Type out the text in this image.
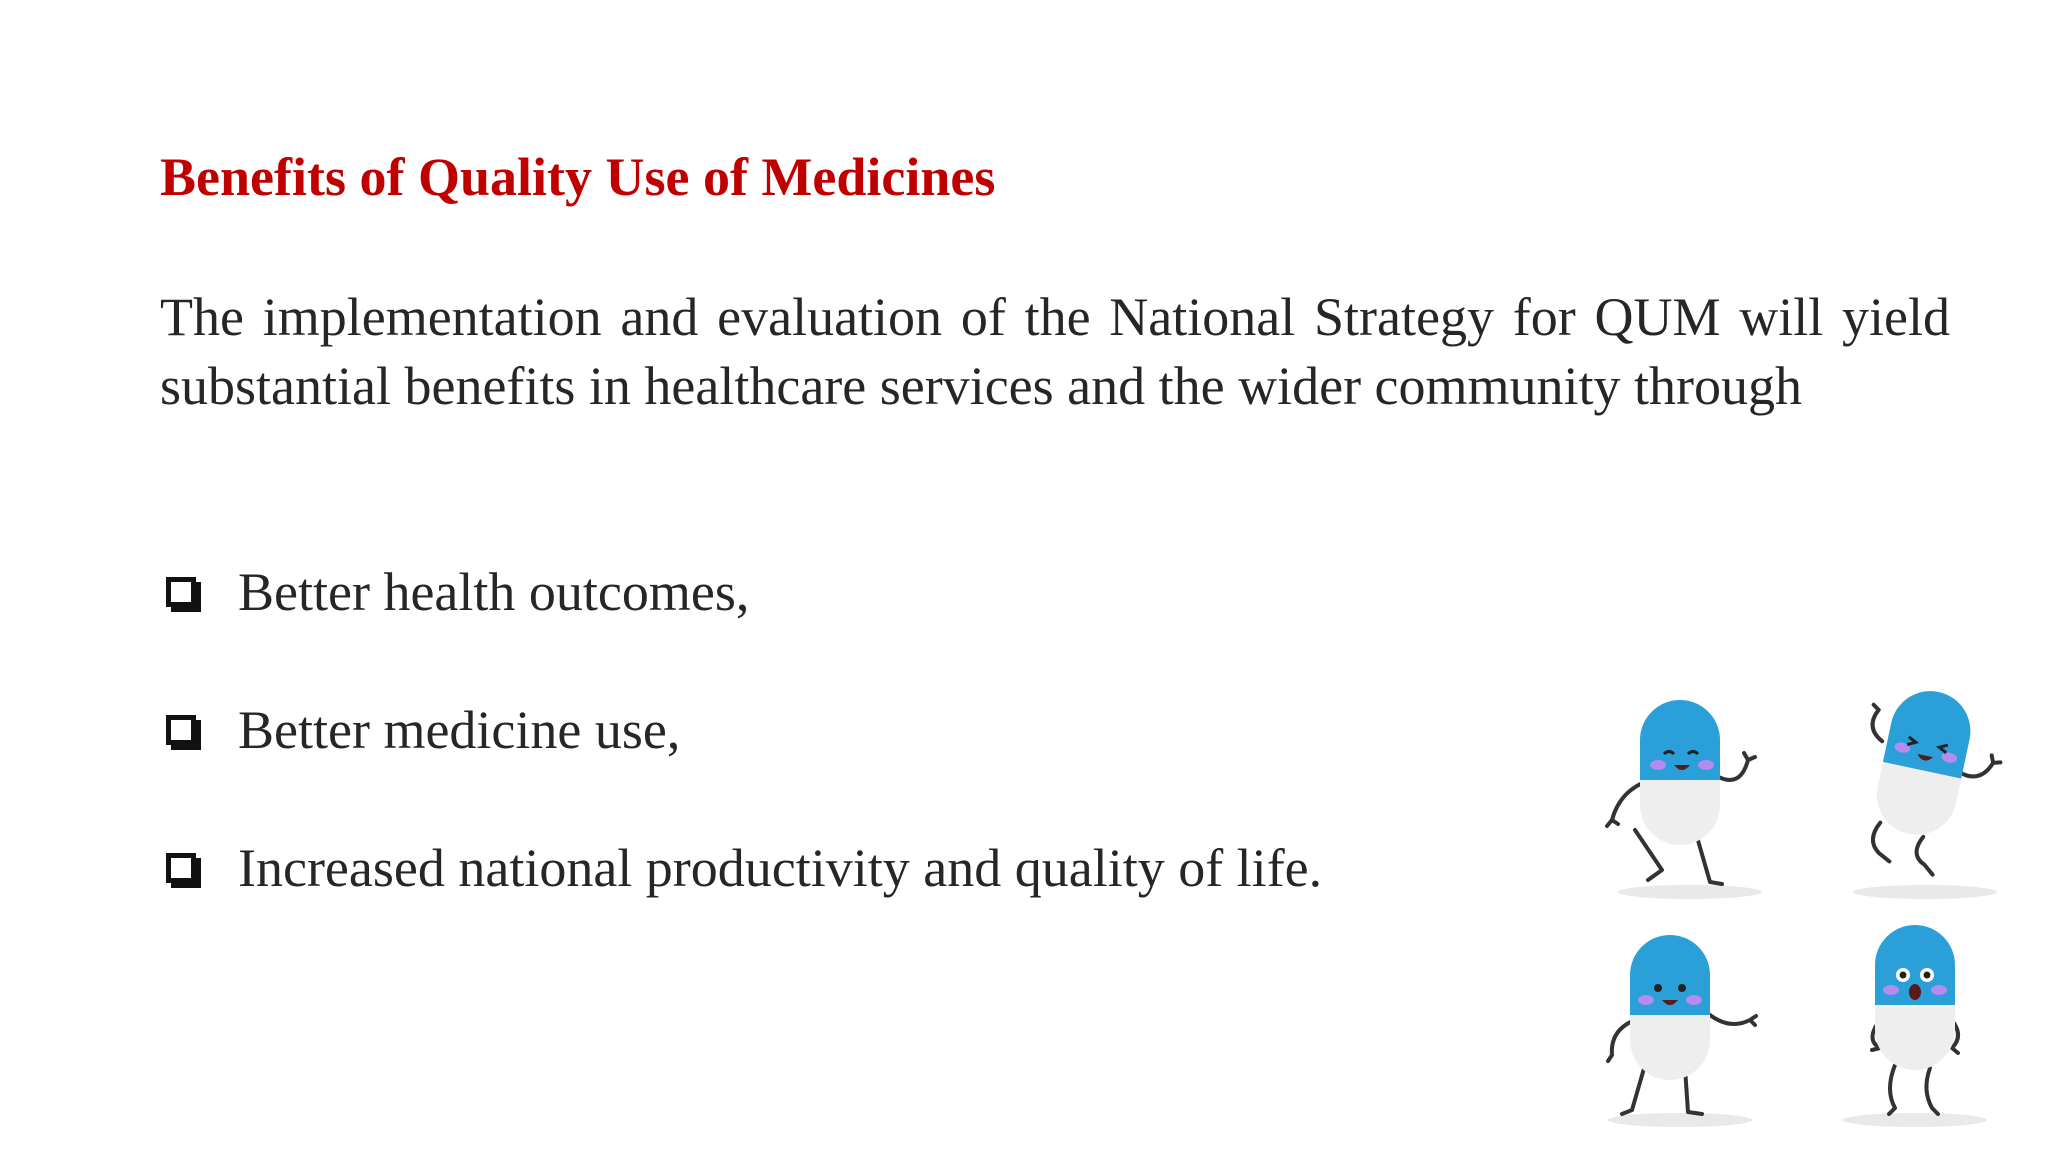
Benefits of Quality Use of Medicines
The implementation and evaluation of the National Strategy for QUM will yield substantial benefits in healthcare services and the wider community through
Better health outcomes,
Better medicine use,
Increased national productivity and quality of life.
